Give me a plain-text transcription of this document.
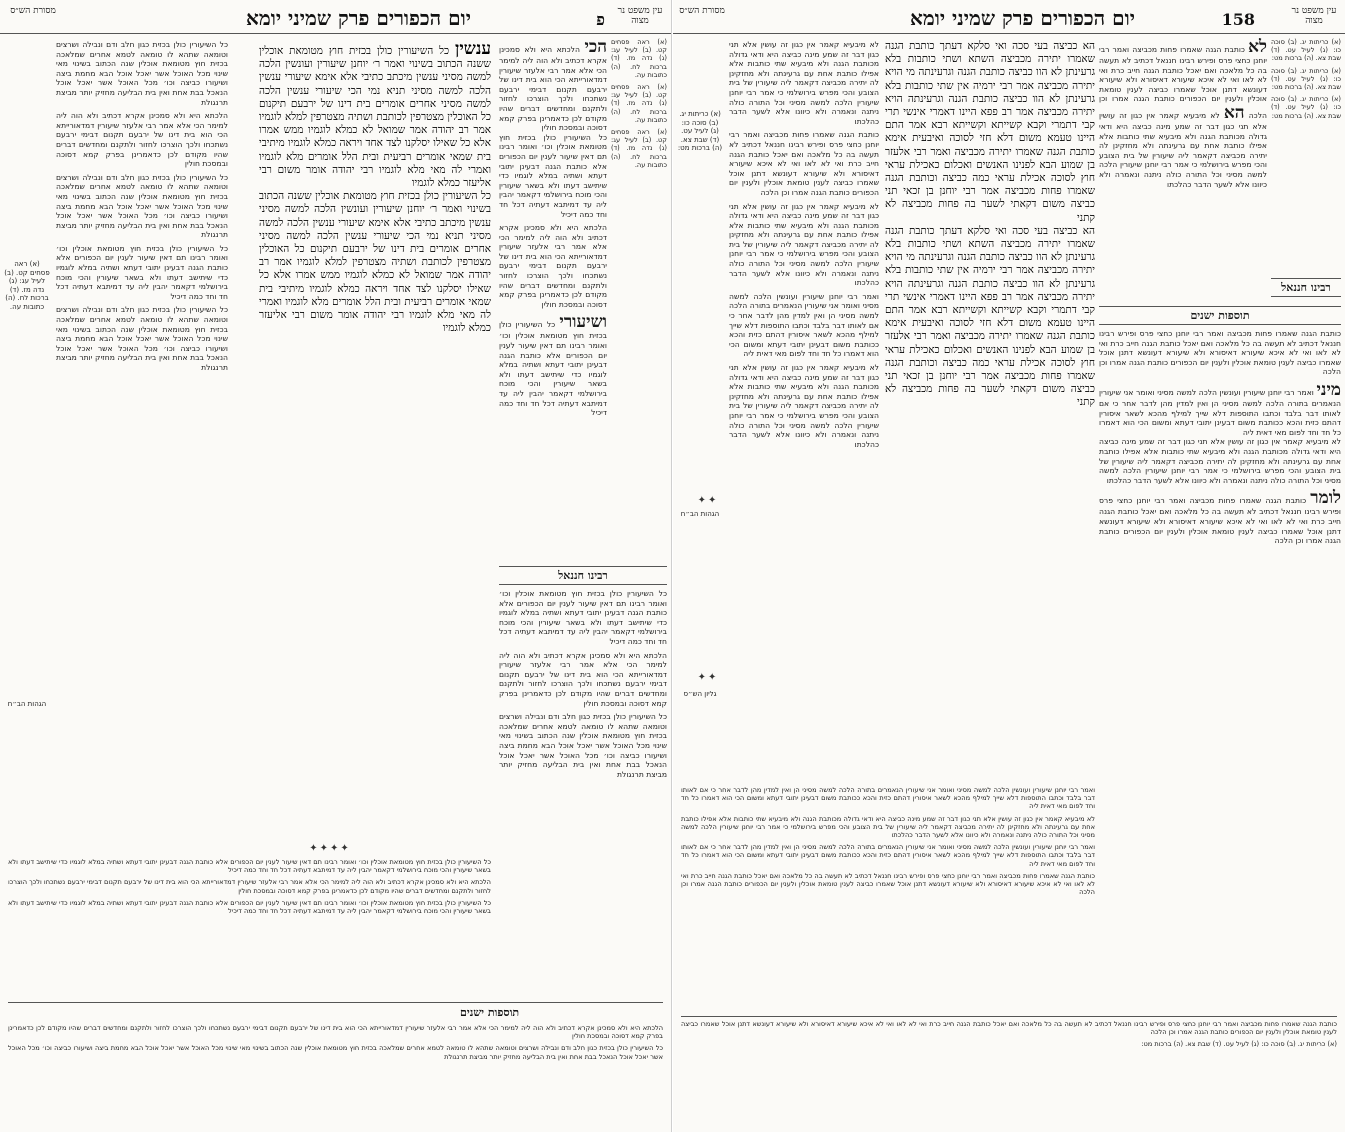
עין משפט נר מצוה
פ
יום הכפורים פרק שמיני יומא
מסורת הש״ס

(א) ראה פסחים קט. (ב) לעיל עג: (ג) נדה מז. (ד) ברכות לח. (ה) כתובות עה.

(א) ראה פסחים קט. (ב) לעיל עג: (ג) נדה מז. (ד) ברכות לח. (ה) כתובות עה.

(א) ראה פסחים קט. (ב) לעיל עג: (ג) נדה מז. (ד) ברכות לח. (ה) כתובות עה.

הכי הלכתא היא ולא סמכינן אקרא דכתיב ולא הוה ליה למימר הכי אלא אמר רבי אלעזר שיעורין דמדאורייתא הכי הוא בית דינו של ירבעם תקנום דבימי ירבעם נשתכחו ולכך הוצרכו לחזור ולתקנם ומחדשים דברים שהיו מקודם לכן כדאמרינן בפרק קמא דסוכה ובמסכת חולין

כל השיעורין כולן בכזית חוץ מטומאת אוכלין וכו׳ ואומר רבינו תם דאין שיעור לענין יום הכפורים אלא כותבת הגנה דבעינן יתובי דעתא ושתיה במלא לוגמיו כדי שיתישב דעתו ולא בשאר שיעורין והכי מוכח בירושלמי דקאמר יהבין ליה עד דמיתבא דעתיה דכל חד וחד כמה דיכיל

הלכתא היא ולא סמכינן אקרא דכתיב ולא הוה ליה למימר הכי אלא אמר רבי אלעזר שיעורין דמדאורייתא הכי הוא בית דינו של ירבעם תקנום דבימי ירבעם נשתכחו ולכך הוצרכו לחזור ולתקנם ומחדשים דברים שהיו מקודם לכן כדאמרינן בפרק קמא דסוכה ובמסכת חולין

ושיעורי כל השיעורין כולן בכזית חוץ מטומאת אוכלין וכו׳ ואומר רבינו תם דאין שיעור לענין יום הכפורים אלא כותבת הגנה דבעינן יתובי דעתא ושתיה במלא לוגמיו כדי שיתישב דעתו ולא בשאר שיעורין והכי מוכח בירושלמי דקאמר יהבין ליה עד דמיתבא דעתיה דכל חד וחד כמה דיכיל
רבינו חננאל

כל השיעורין כולן בכזית חוץ מטומאת אוכלין וכו׳ ואומר רבינו תם דאין שיעור לענין יום הכפורים אלא כותבת הגנה דבעינן יתובי דעתא ושתיה במלא לוגמיו כדי שיתישב דעתו ולא בשאר שיעורין והכי מוכח בירושלמי דקאמר יהבין ליה עד דמיתבא דעתיה דכל חד וחד כמה דיכיל

הלכתא היא ולא סמכינן אקרא דכתיב ולא הוה ליה למימר הכי אלא אמר רבי אלעזר שיעורין דמדאורייתא הכי הוא בית דינו של ירבעם תקנום דבימי ירבעם נשתכחו ולכך הוצרכו לחזור ולתקנם ומחדשים דברים שהיו מקודם לכן כדאמרינן בפרק קמא דסוכה ובמסכת חולין

כל השיעורין כולן בכזית כגון חלב ודם ונבילה ושרצים וטומאה שתהא לו טומאה לטמא אחרים שמלאכה בכזית חוץ מטומאת אוכלין שנה הכתוב בשינוי מאי שינוי מכל האוכל אשר יאכל אוכל הבא מחמת ביצה ושיעורו כביצה וכו׳ מכל האוכל אשר יאכל אוכל הנאכל בבת אחת ואין בית הבליעה מחזיק יותר מביצת תרנגולת

ענשין כל השיעורין כולן בכזית חוץ מטומאת אוכלין ששנה הכתוב בשינוי ואמר ר׳ יוחנן שיעורין ועונשין הלכה למשה מסיני ענשין מיכתב כתיבי אלא אימא שיעורי ענשין הלכה למשה מסיני תניא נמי הכי שיעורי ענשין הלכה למשה מסיני אחרים אומרים בית דינו של ירבעם תיקנום כל האוכלין מצטרפין לכותבת ושתיה מצטרפין למלא לוגמיו אמר רב יהודה אמר שמואל לא כמלא לוגמיו ממש אמרו אלא כל שאילו יסלקנו לצד אחד ויראה כמלא לוגמיו מיתיבי בית שמאי אומרים רביעית ובית הלל אומרים מלא לוגמיו ואמרי לה מאי מלא לוגמיו רבי יהודה אומר משום רבי אליעזר כמלא לוגמיו

כל השיעורין כולן בכזית חוץ מטומאת אוכלין ששנה הכתוב בשינוי ואמר ר׳ יוחנן שיעורין ועונשין הלכה למשה מסיני ענשין מיכתב כתיבי אלא אימא שיעורי ענשין הלכה למשה מסיני תניא נמי הכי שיעורי ענשין הלכה למשה מסיני אחרים אומרים בית דינו של ירבעם תיקנום כל האוכלין מצטרפין לכותבת ושתיה מצטרפין למלא לוגמיו אמר רב יהודה אמר שמואל לא כמלא לוגמיו ממש אמרו אלא כל שאילו יסלקנו לצד אחד ויראה כמלא לוגמיו מיתיבי בית שמאי אומרים רביעית ובית הלל אומרים מלא לוגמיו ואמרי לה מאי מלא לוגמיו רבי יהודה אומר משום רבי אליעזר כמלא לוגמיו

כל השיעורין כולן בכזית כגון חלב ודם ונבילה ושרצים וטומאה שתהא לו טומאה לטמא אחרים שמלאכה בכזית חוץ מטומאת אוכלין שנה הכתוב בשינוי מאי שינוי מכל האוכל אשר יאכל אוכל הבא מחמת ביצה ושיעורו כביצה וכו׳ מכל האוכל אשר יאכל אוכל הנאכל בבת אחת ואין בית הבליעה מחזיק יותר מביצת תרנגולת

הלכתא היא ולא סמכינן אקרא דכתיב ולא הוה ליה למימר הכי אלא אמר רבי אלעזר שיעורין דמדאורייתא הכי הוא בית דינו של ירבעם תקנום דבימי ירבעם נשתכחו ולכך הוצרכו לחזור ולתקנם ומחדשים דברים שהיו מקודם לכן כדאמרינן בפרק קמא דסוכה ובמסכת חולין

כל השיעורין כולן בכזית כגון חלב ודם ונבילה ושרצים וטומאה שתהא לו טומאה לטמא אחרים שמלאכה בכזית חוץ מטומאת אוכלין שנה הכתוב בשינוי מאי שינוי מכל האוכל אשר יאכל אוכל הבא מחמת ביצה ושיעורו כביצה וכו׳ מכל האוכל אשר יאכל אוכל הנאכל בבת אחת ואין בית הבליעה מחזיק יותר מביצת תרנגולת

כל השיעורין כולן בכזית חוץ מטומאת אוכלין וכו׳ ואומר רבינו תם דאין שיעור לענין יום הכפורים אלא כותבת הגנה דבעינן יתובי דעתא ושתיה במלא לוגמיו כדי שיתישב דעתו ולא בשאר שיעורין והכי מוכח בירושלמי דקאמר יהבין ליה עד דמיתבא דעתיה דכל חד וחד כמה דיכיל

כל השיעורין כולן בכזית כגון חלב ודם ונבילה ושרצים וטומאה שתהא לו טומאה לטמא אחרים שמלאכה בכזית חוץ מטומאת אוכלין שנה הכתוב בשינוי מאי שינוי מכל האוכל אשר יאכל אוכל הבא מחמת ביצה ושיעורו כביצה וכו׳ מכל האוכל אשר יאכל אוכל הנאכל בבת אחת ואין בית הבליעה מחזיק יותר מביצת תרנגולת

(א) ראה פסחים קט. (ב) לעיל עג: (ג) נדה מז. (ד) ברכות לח. (ה) כתובות עה.
הגהות הב״ח
✦✦✦✦

כל השיעורין כולן בכזית חוץ מטומאת אוכלין וכו׳ ואומר רבינו תם דאין שיעור לענין יום הכפורים אלא כותבת הגנה דבעינן יתובי דעתא ושתיה במלא לוגמיו כדי שיתישב דעתו ולא בשאר שיעורין והכי מוכח בירושלמי דקאמר יהבין ליה עד דמיתבא דעתיה דכל חד וחד כמה דיכיל

הלכתא היא ולא סמכינן אקרא דכתיב ולא הוה ליה למימר הכי אלא אמר רבי אלעזר שיעורין דמדאורייתא הכי הוא בית דינו של ירבעם תקנום דבימי ירבעם נשתכחו ולכך הוצרכו לחזור ולתקנם ומחדשים דברים שהיו מקודם לכן כדאמרינן בפרק קמא דסוכה ובמסכת חולין

כל השיעורין כולן בכזית חוץ מטומאת אוכלין וכו׳ ואומר רבינו תם דאין שיעור לענין יום הכפורים אלא כותבת הגנה דבעינן יתובי דעתא ושתיה במלא לוגמיו כדי שיתישב דעתו ולא בשאר שיעורין והכי מוכח בירושלמי דקאמר יהבין ליה עד דמיתבא דעתיה דכל חד וחד כמה דיכיל

תוספות ישנים

הלכתא היא ולא סמכינן אקרא דכתיב ולא הוה ליה למימר הכי אלא אמר רבי אלעזר שיעורין דמדאורייתא הכי הוא בית דינו של ירבעם תקנום דבימי ירבעם נשתכחו ולכך הוצרכו לחזור ולתקנם ומחדשים דברים שהיו מקודם לכן כדאמרינן בפרק קמא דסוכה ובמסכת חולין

כל השיעורין כולן בכזית כגון חלב ודם ונבילה ושרצים וטומאה שתהא לו טומאה לטמא אחרים שמלאכה בכזית חוץ מטומאת אוכלין שנה הכתוב בשינוי מאי שינוי מכל האוכל אשר יאכל אוכל הבא מחמת ביצה ושיעורו כביצה וכו׳ מכל האוכל אשר יאכל אוכל הנאכל בבת אחת ואין בית הבליעה מחזיק יותר מביצת תרנגולת

עין משפט נר מצוה
158
יום הכפורים פרק שמיני יומא
מסורת הש״ס

(א) כריתות יג. (ב) סוכה כו: (ג) לעיל עט. (ד) שבת צא. (ה) ברכות מט:

(א) כריתות יג. (ב) סוכה כו: (ג) לעיל עט. (ד) שבת צא. (ה) ברכות מט:

(א) כריתות יג. (ב) סוכה כו: (ג) לעיל עט. (ד) שבת צא. (ה) ברכות מט:

לא כותבת הגנה שאמרו פחות מכביצה ואמר רבי יוחנן כחצי פרס ופירש רבינו חננאל דכתיב לא תעשה בה כל מלאכה ואם יאכל כותבת הגנה חייב כרת ואי לא לאו ואי לא איכא שיעורא דאיסורא ולא שיעורא דעונשא דתנן אוכל שאמרו כביצה לענין טומאת אוכלין ולענין יום הכפורים כותבת הגנה אמרו וכן הלכה הא לא מיבעיא קאמר אין כגון זה עושין אלא תני כגון דבר זה שמע מינה כביצה היא ודאי גדולה מכותבת הגנה ולא מיבעיא שתי כותבות אלא אפילו כותבת אחת עם גרעינתה ולא מחזקינן לה יתירה מכביצה דקאמר ליה שיעורין של בית הצובע והכי מפרש בירושלמי כי אמר רבי יוחנן שיעורין הלכה למשה מסיני וכל התורה כולה ניתנה ונאמרה ולא כיוונו אלא לשער הדבר כהלכתו
רבינו חננאל
תוספות ישנים

כותבת הגנה שאמרו פחות מכביצה ואמר רבי יוחנן כחצי פרס ופירש רבינו חננאל דכתיב לא תעשה בה כל מלאכה ואם יאכל כותבת הגנה חייב כרת ואי לא לאו ואי לא איכא שיעורא דאיסורא ולא שיעורא דעונשא דתנן אוכל שאמרו כביצה לענין טומאת אוכלין ולענין יום הכפורים כותבת הגנה אמרו וכן הלכה

מיני ואמר רבי יוחנן שיעורין ועונשין הלכה למשה מסיני ואומר אני שיעורין הנאמרים בתורה הלכה למשה מסיני הן ואין למדין מהן לדבר אחר כי אם לאותו דבר בלבד וכתבו התוספות דלא שייך למילף מהכא לשאר איסורין דהתם כזית והכא ככותבת משום דבעינן יתובי דעתא ומשום הכי הוא דאמרו כל חד וחד לפום מאי דאית ליה

לא מיבעיא קאמר אין כגון זה עושין אלא תני כגון דבר זה שמע מינה כביצה היא ודאי גדולה מכותבת הגנה ולא מיבעיא שתי כותבות אלא אפילו כותבת אחת עם גרעינתה ולא מחזקינן לה יתירה מכביצה דקאמר ליה שיעורין של בית הצובע והכי מפרש בירושלמי כי אמר רבי יוחנן שיעורין הלכה למשה מסיני וכל התורה כולה ניתנה ונאמרה ולא כיוונו אלא לשער הדבר כהלכתו

לומר כותבת הגנה שאמרו פחות מכביצה ואמר רבי יוחנן כחצי פרס ופירש רבינו חננאל דכתיב לא תעשה בה כל מלאכה ואם יאכל כותבת הגנה חייב כרת ואי לא לאו ואי לא איכא שיעורא דאיסורא ולא שיעורא דעונשא דתנן אוכל שאמרו כביצה לענין טומאת אוכלין ולענין יום הכפורים כותבת הגנה אמרו וכן הלכה
הא כביצה בעי סכה ואי סלקא דעתך כותבת הגנה שאמרו יתירה מכביצה השתא ושתי כותבות בלא גרעינתן לא הוו כביצה כותבת הגנה וגרעינתה מי הויא יתירה מכביצה אמר רבי ירמיה אין שתי כותבות בלא גרעינתן לא הוו כביצה כותבת הגנה וגרעינתה הויא יתירה מכביצה אמר רב פפא היינו דאמרי אינשי תרי קבי דתמרי וקבא קשייתא וקשייתא רבא אמר התם היינו טעמא משום דלא חזי לסוכה ואיבעית אימא כותבת הגנה שאמרו יתירה מכביצה ואמר רבי אלעזר בן שמוע הבא לפנינו האנשים ואכלום כאכילת עראי חוץ לסוכה אכילת עראי כמה כביצה וכותבת הגנה שאמרו פחות מכביצה אמר רבי יוחנן בן זכאי תני כביצה משום דקאתי לשער בה פחות מכביצה לא קתני

הא כביצה בעי סכה ואי סלקא דעתך כותבת הגנה שאמרו יתירה מכביצה השתא ושתי כותבות בלא גרעינתן לא הוו כביצה כותבת הגנה וגרעינתה מי הויא יתירה מכביצה אמר רבי ירמיה אין שתי כותבות בלא גרעינתן לא הוו כביצה כותבת הגנה וגרעינתה הויא יתירה מכביצה אמר רב פפא היינו דאמרי אינשי תרי קבי דתמרי וקבא קשייתא וקשייתא רבא אמר התם היינו טעמא משום דלא חזי לסוכה ואיבעית אימא כותבת הגנה שאמרו יתירה מכביצה ואמר רבי אלעזר בן שמוע הבא לפנינו האנשים ואכלום כאכילת עראי חוץ לסוכה אכילת עראי כמה כביצה וכותבת הגנה שאמרו פחות מכביצה אמר רבי יוחנן בן זכאי תני כביצה משום דקאתי לשער בה פחות מכביצה לא קתני

לא מיבעיא קאמר אין כגון זה עושין אלא תני כגון דבר זה שמע מינה כביצה היא ודאי גדולה מכותבת הגנה ולא מיבעיא שתי כותבות אלא אפילו כותבת אחת עם גרעינתה ולא מחזקינן לה יתירה מכביצה דקאמר ליה שיעורין של בית הצובע והכי מפרש בירושלמי כי אמר רבי יוחנן שיעורין הלכה למשה מסיני וכל התורה כולה ניתנה ונאמרה ולא כיוונו אלא לשער הדבר כהלכתו

כותבת הגנה שאמרו פחות מכביצה ואמר רבי יוחנן כחצי פרס ופירש רבינו חננאל דכתיב לא תעשה בה כל מלאכה ואם יאכל כותבת הגנה חייב כרת ואי לא לאו ואי לא איכא שיעורא דאיסורא ולא שיעורא דעונשא דתנן אוכל שאמרו כביצה לענין טומאת אוכלין ולענין יום הכפורים כותבת הגנה אמרו וכן הלכה

לא מיבעיא קאמר אין כגון זה עושין אלא תני כגון דבר זה שמע מינה כביצה היא ודאי גדולה מכותבת הגנה ולא מיבעיא שתי כותבות אלא אפילו כותבת אחת עם גרעינתה ולא מחזקינן לה יתירה מכביצה דקאמר ליה שיעורין של בית הצובע והכי מפרש בירושלמי כי אמר רבי יוחנן שיעורין הלכה למשה מסיני וכל התורה כולה ניתנה ונאמרה ולא כיוונו אלא לשער הדבר כהלכתו

ואמר רבי יוחנן שיעורין ועונשין הלכה למשה מסיני ואומר אני שיעורין הנאמרים בתורה הלכה למשה מסיני הן ואין למדין מהן לדבר אחר כי אם לאותו דבר בלבד וכתבו התוספות דלא שייך למילף מהכא לשאר איסורין דהתם כזית והכא ככותבת משום דבעינן יתובי דעתא ומשום הכי הוא דאמרו כל חד וחד לפום מאי דאית ליה

לא מיבעיא קאמר אין כגון זה עושין אלא תני כגון דבר זה שמע מינה כביצה היא ודאי גדולה מכותבת הגנה ולא מיבעיא שתי כותבות אלא אפילו כותבת אחת עם גרעינתה ולא מחזקינן לה יתירה מכביצה דקאמר ליה שיעורין של בית הצובע והכי מפרש בירושלמי כי אמר רבי יוחנן שיעורין הלכה למשה מסיני וכל התורה כולה ניתנה ונאמרה ולא כיוונו אלא לשער הדבר כהלכתו

(א) כריתות יג. (ב) סוכה כו: (ג) לעיל עט. (ד) שבת צא. (ה) ברכות מט:
הגהות הב״ח
גליון הש״ס
✦✦
✦✦

ואמר רבי יוחנן שיעורין ועונשין הלכה למשה מסיני ואומר אני שיעורין הנאמרים בתורה הלכה למשה מסיני הן ואין למדין מהן לדבר אחר כי אם לאותו דבר בלבד וכתבו התוספות דלא שייך למילף מהכא לשאר איסורין דהתם כזית והכא ככותבת משום דבעינן יתובי דעתא ומשום הכי הוא דאמרו כל חד וחד לפום מאי דאית ליה

לא מיבעיא קאמר אין כגון זה עושין אלא תני כגון דבר זה שמע מינה כביצה היא ודאי גדולה מכותבת הגנה ולא מיבעיא שתי כותבות אלא אפילו כותבת אחת עם גרעינתה ולא מחזקינן לה יתירה מכביצה דקאמר ליה שיעורין של בית הצובע והכי מפרש בירושלמי כי אמר רבי יוחנן שיעורין הלכה למשה מסיני וכל התורה כולה ניתנה ונאמרה ולא כיוונו אלא לשער הדבר כהלכתו

ואמר רבי יוחנן שיעורין ועונשין הלכה למשה מסיני ואומר אני שיעורין הנאמרים בתורה הלכה למשה מסיני הן ואין למדין מהן לדבר אחר כי אם לאותו דבר בלבד וכתבו התוספות דלא שייך למילף מהכא לשאר איסורין דהתם כזית והכא ככותבת משום דבעינן יתובי דעתא ומשום הכי הוא דאמרו כל חד וחד לפום מאי דאית ליה

כותבת הגנה שאמרו פחות מכביצה ואמר רבי יוחנן כחצי פרס ופירש רבינו חננאל דכתיב לא תעשה בה כל מלאכה ואם יאכל כותבת הגנה חייב כרת ואי לא לאו ואי לא איכא שיעורא דאיסורא ולא שיעורא דעונשא דתנן אוכל שאמרו כביצה לענין טומאת אוכלין ולענין יום הכפורים כותבת הגנה אמרו וכן הלכה

כותבת הגנה שאמרו פחות מכביצה ואמר רבי יוחנן כחצי פרס ופירש רבינו חננאל דכתיב לא תעשה בה כל מלאכה ואם יאכל כותבת הגנה חייב כרת ואי לא לאו ואי לא איכא שיעורא דאיסורא ולא שיעורא דעונשא דתנן אוכל שאמרו כביצה לענין טומאת אוכלין ולענין יום הכפורים כותבת הגנה אמרו וכן הלכה

(א) כריתות יג. (ב) סוכה כו: (ג) לעיל עט. (ד) שבת צא. (ה) ברכות מט:
